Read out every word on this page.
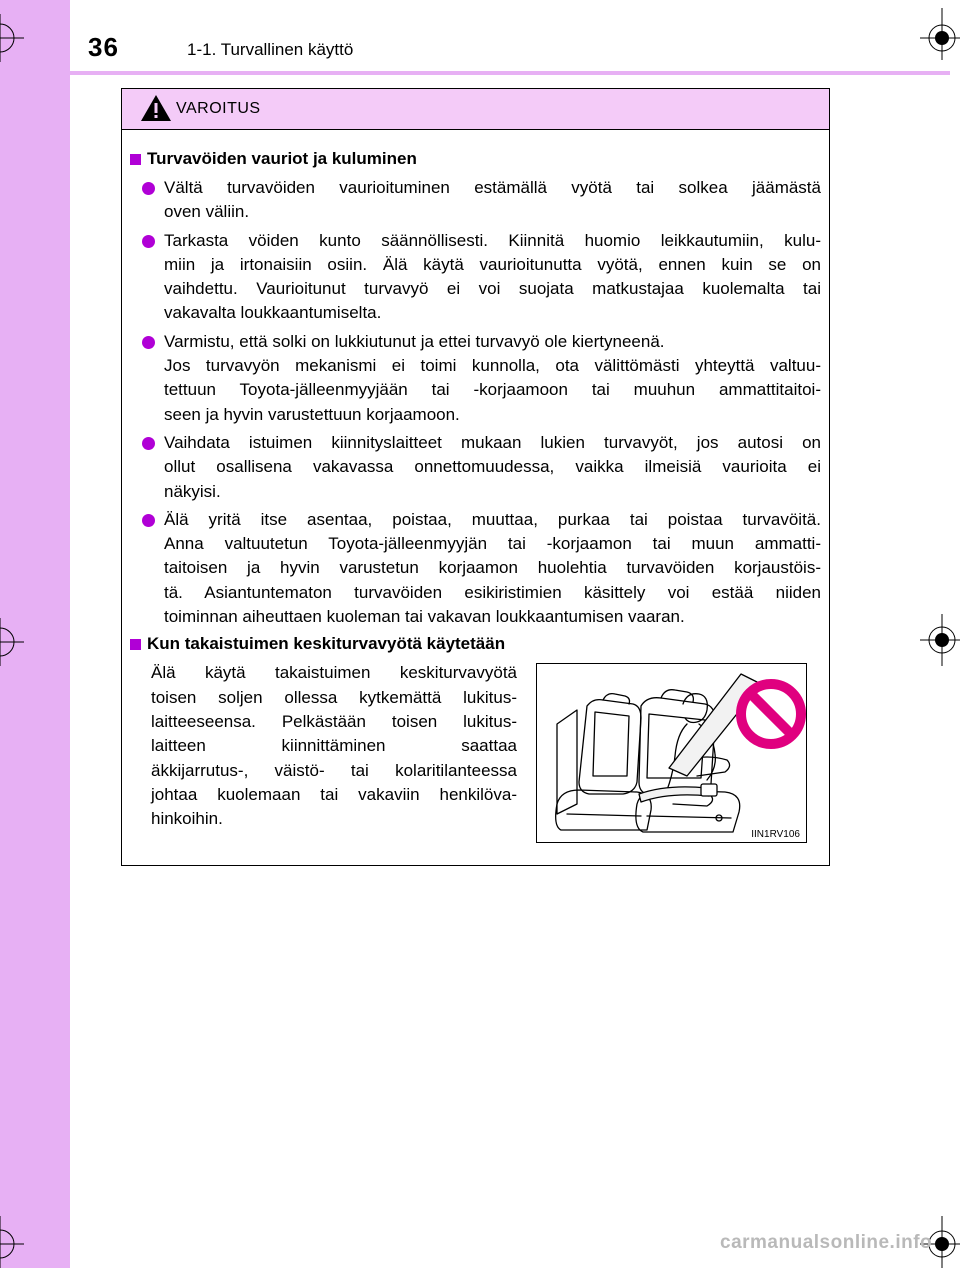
36	1-1. Turvallinen käyttö
VAROITUS
Turvavöiden vauriot ja kuluminen
Vältä turvavöiden vaurioituminen estämällä vyötä tai solkea jäämästä
oven väliin.
Tarkasta vöiden kunto säännöllisesti. Kiinnitä huomio leikkautumiin, kulu-
miin ja irtonaisiin osiin. Älä käytä vaurioitunutta vyötä, ennen kuin se on
vaihdettu. Vaurioitunut turvavyö ei voi suojata matkustajaa kuolemalta tai
vakavalta loukkaantumiselta.
Varmistu, että solki on lukkiutunut ja ettei turvavyö ole kiertyneenä.
Jos turvavyön mekanismi ei toimi kunnolla, ota välittömästi yhteyttä valtuu-
tettuun Toyota-jälleenmyyjään tai -korjaamoon tai muuhun ammattitaitoi-
seen ja hyvin varustettuun korjaamoon.
Vaihdata istuimen kiinnityslaitteet mukaan lukien turvavyöt, jos autosi on
ollut osallisena vakavassa onnettomuudessa, vaikka ilmeisiä vaurioita ei
näkyisi.
Älä yritä itse asentaa, poistaa, muuttaa, purkaa tai poistaa turvavöitä.
Anna valtuutetun Toyota-jälleenmyyjän tai -korjaamon tai muun ammatti-
taitoisen ja hyvin varustetun korjaamon huolehtia turvavöiden korjaustöis-
tä. Asiantuntematon turvavöiden esikiristimien käsittely voi estää niiden
toiminnan aiheuttaen kuoleman tai vakavan loukkaantumisen vaaran.
Kun takaistuimen keskiturvavyötä käytetään
Älä käytä takaistuimen keskiturvavyötä
toisen soljen ollessa kytkemättä lukitus-
laitteeseensa. Pelkästään toisen lukitus-
laitteen kiinnittäminen saattaa
äkkijarrutus-, väistö- tai kolaritilanteessa
johtaa kuolemaan tai vakaviin henkilöva-
hinkoihin.
IIN1RV106
carmanualsonline.info
